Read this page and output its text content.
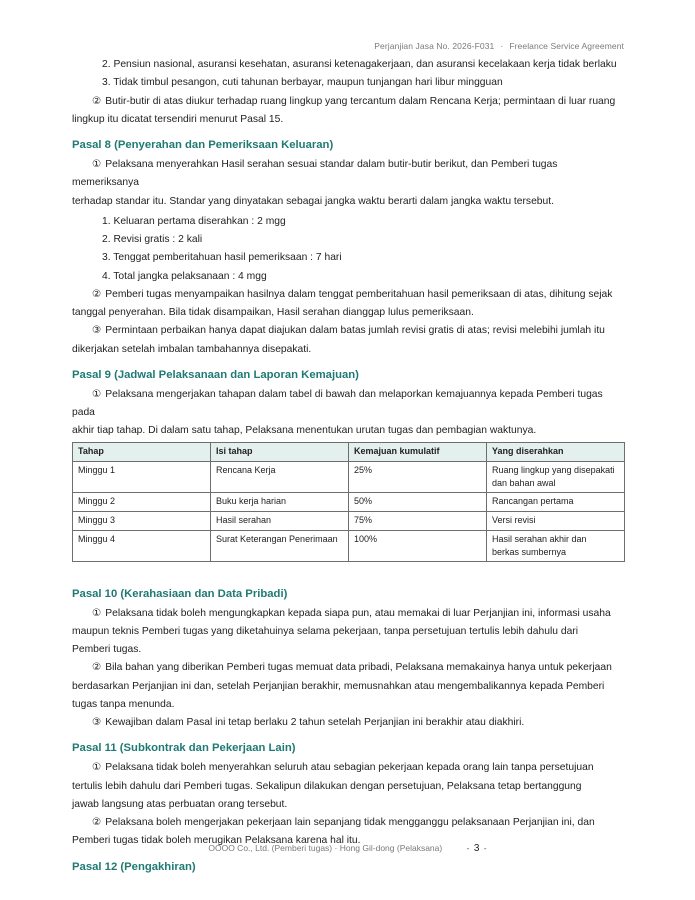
Perjanjian Jasa No. 2026-F031 · Freelance Service Agreement

2. Pensiun nasional, asuransi kesehatan, asuransi ketenagakerjaan, dan asuransi kecelakaan kerja tidak berlaku

3. Tidak timbul pesangon, cuti tahunan berbayar, maupun tunjangan hari libur mingguan

② Butir-butir di atas diukur terhadap ruang lingkup yang tercantum dalam Rencana Kerja; permintaan di luar ruang

lingkup itu dicatat tersendiri menurut Pasal 15.

Pasal 8 (Penyerahan dan Pemeriksaan Keluaran)

① Pelaksana menyerahkan Hasil serahan sesuai standar dalam butir-butir berikut, dan Pemberi tugas memeriksanya

terhadap standar itu. Standar yang dinyatakan sebagai jangka waktu berarti dalam jangka waktu tersebut.

1. Keluaran pertama diserahkan : 2 mgg

2. Revisi gratis : 2 kali

3. Tenggat pemberitahuan hasil pemeriksaan : 7 hari

4. Total jangka pelaksanaan : 4 mgg

② Pemberi tugas menyampaikan hasilnya dalam tenggat pemberitahuan hasil pemeriksaan di atas, dihitung sejak

tanggal penyerahan. Bila tidak disampaikan, Hasil serahan dianggap lulus pemeriksaan.

③ Permintaan perbaikan hanya dapat diajukan dalam batas jumlah revisi gratis di atas; revisi melebihi jumlah itu

dikerjakan setelah imbalan tambahannya disepakati.

Pasal 9 (Jadwal Pelaksanaan dan Laporan Kemajuan)

① Pelaksana mengerjakan tahapan dalam tabel di bawah dan melaporkan kemajuannya kepada Pemberi tugas pada

akhir tiap tahap. Di dalam satu tahap, Pelaksana menentukan urutan tugas dan pembagian waktunya.

Tahap	Isi tahap	Kemajuan kumulatif	Yang diserahkan
Minggu 1	Rencana Kerja	25%	Ruang lingkup yang disepakati
dan bahan awal

Minggu 2	Buku kerja harian	50%	Rancangan pertama

Minggu 3	Hasil serahan	75%	Versi revisi

Minggu 4	Surat Keterangan Penerimaan	100%	Hasil serahan akhir dan
berkas sumbernya
Pasal 10 (Kerahasiaan dan Data Pribadi)

① Pelaksana tidak boleh mengungkapkan kepada siapa pun, atau memakai di luar Perjanjian ini, informasi usaha

maupun teknis Pemberi tugas yang diketahuinya selama pekerjaan, tanpa persetujuan tertulis lebih dahulu dari

Pemberi tugas.

② Bila bahan yang diberikan Pemberi tugas memuat data pribadi, Pelaksana memakainya hanya untuk pekerjaan

berdasarkan Perjanjian ini dan, setelah Perjanjian berakhir, memusnahkan atau mengembalikannya kepada Pemberi

tugas tanpa menunda.

③ Kewajiban dalam Pasal ini tetap berlaku 2 tahun setelah Perjanjian ini berakhir atau diakhiri.

Pasal 11 (Subkontrak dan Pekerjaan Lain)

① Pelaksana tidak boleh menyerahkan seluruh atau sebagian pekerjaan kepada orang lain tanpa persetujuan

tertulis lebih dahulu dari Pemberi tugas. Sekalipun dilakukan dengan persetujuan, Pelaksana tetap bertanggung

jawab langsung atas perbuatan orang tersebut.

② Pelaksana boleh mengerjakan pekerjaan lain sepanjang tidak mengganggu pelaksanaan Perjanjian ini, dan

Pemberi tugas tidak boleh merugikan Pelaksana karena hal itu.

Pasal 12 (Pengakhiran)
OOOO Co., Ltd. (Pemberi tugas) · Hong Gil-dong (Pelaksana)	- 3 -
